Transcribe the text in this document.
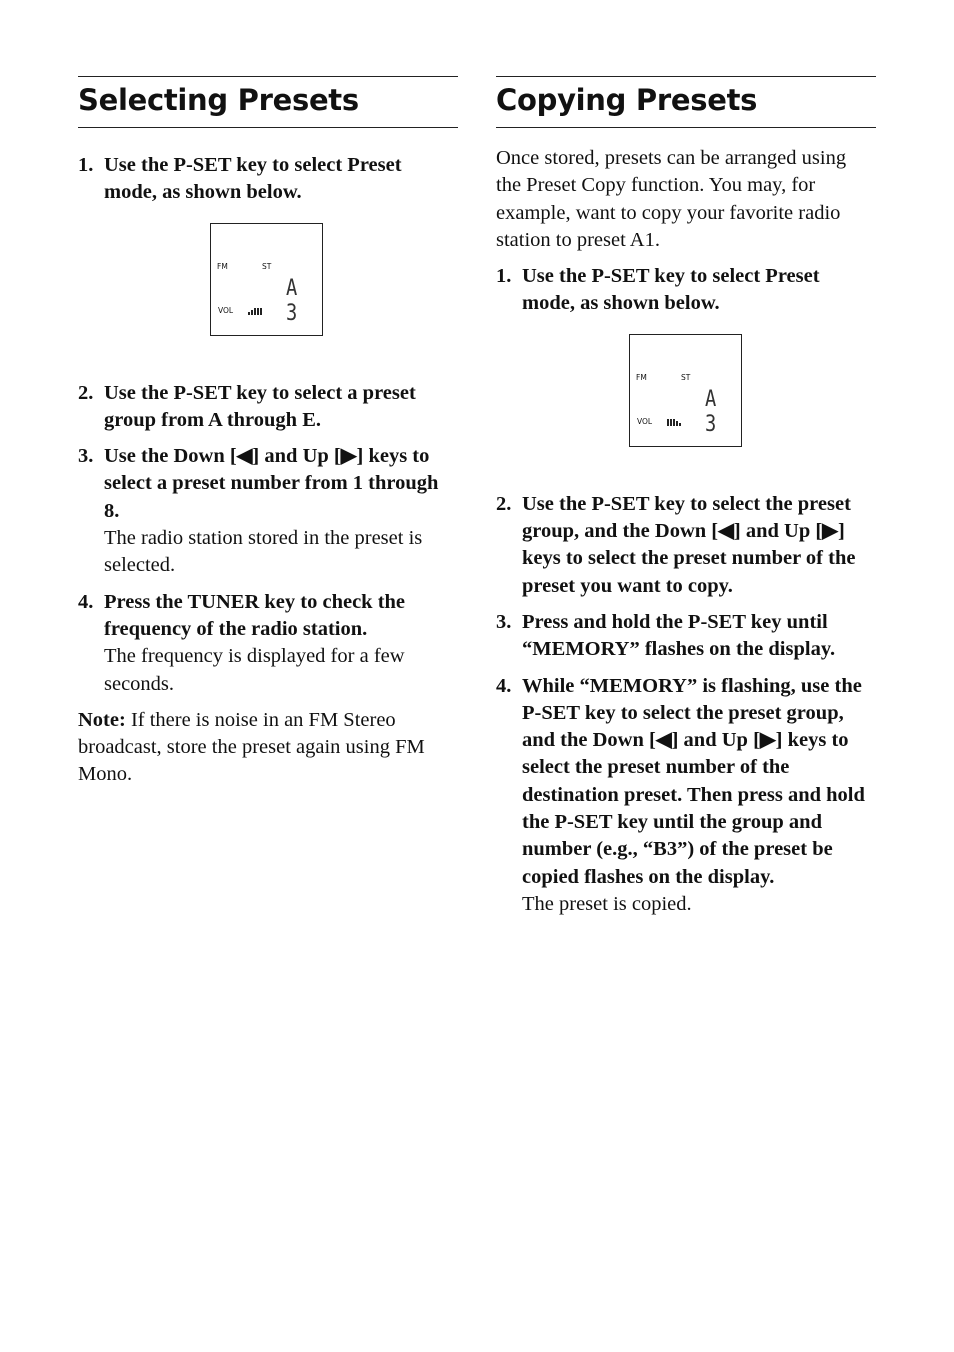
Selecting Presets
1. Use the P-SET key to select Preset mode, as shown below.
FM	ST
A 3
VOL
2. Use the P-SET key to select a preset group from A through E.
3. Use the Down [◀] and Up [▶] keys to select a preset number from 1 through 8.
The radio station stored in the preset is selected.
4. Press the TUNER key to check the frequency of the radio station.
The frequency is displayed for a few seconds.
Note: If there is noise in an FM Stereo broadcast, store the preset again using FM Mono.
Copying Presets
Once stored, presets can be arranged using the Preset Copy function. You may, for example, want to copy your favorite radio station to preset A1.
1. Use the P-SET key to select Preset mode, as shown below.
FM	ST
A 3
VOL
2. Use the P-SET key to select the preset group, and the Down [◀] and Up [▶] keys to select the preset number of the preset you want to copy.
3. Press and hold the P-SET key until “MEMORY” flashes on the display.
4. While “MEMORY” is flashing, use the P-SET key to select the preset group, and the Down [◀] and Up [▶] keys to select the preset number of the destination preset. Then press and hold the P-SET key until the group and number (e.g., “B3”) of the preset be copied flashes on the display.
The preset is copied.
